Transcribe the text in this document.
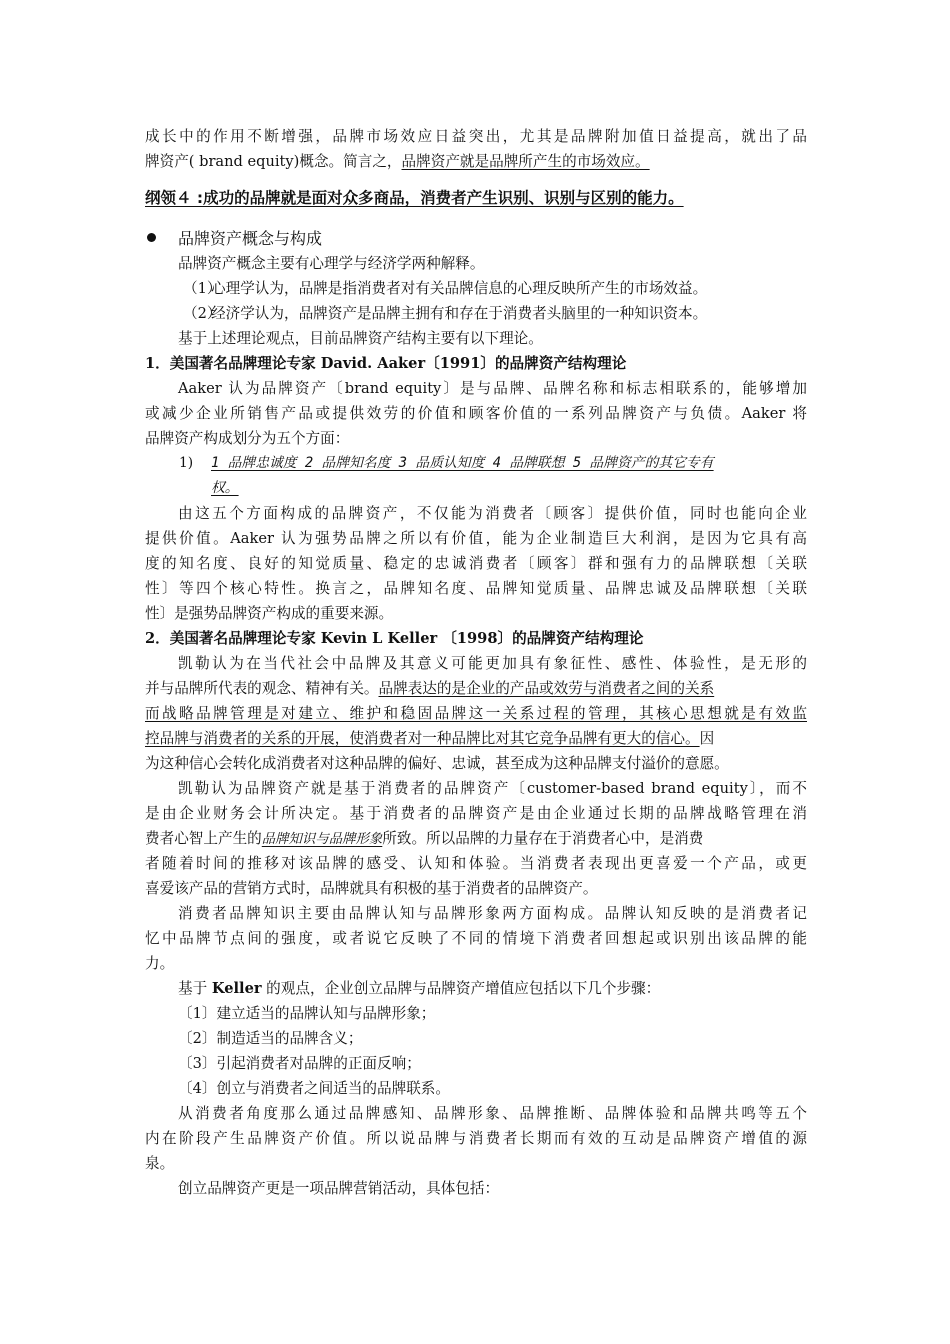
成长中的作用不断增强，品牌市场效应日益突出，尤其是品牌附加值日益提高，就出了品
牌资产( brand equity)概念。简言之，品牌资产就是品牌所产生的市场效应。
纲领４ :成功的品牌就是面对众多商品，消费者产生识别、识别与区别的能力。
品牌资产概念与构成
品牌资产概念主要有心理学与经济学两种解释。
（1）
心理学认为，品牌是指消费者对有关品牌信息的心理反映所产生的市场效益。
（2）
经济学认为，品牌资产是品牌主拥有和存在于消费者头脑里的一种知识资本。
基于上述理论观点，目前品牌资产结构主要有以下理论。
1．美国著名品牌理论专家 David. Aaker〔1991〕的品牌资产结构理论
Aaker 认为品牌资产〔brand equity〕是与品牌、品牌名称和标志相联系的，能够增加
或减少企业所销售产品或提供效劳的价值和顾客价值的一系列品牌资产与负债。Aaker 将
品牌资产构成划分为五个方面：
1)	1 品牌忠诚度 2 品牌知名度 3 品质认知度 4 品牌联想 5 品牌资产的其它专有
权。
由这五个方面构成的品牌资产，不仅能为消费者〔顾客〕提供价值，同时也能向企业
提供价值。Aaker 认为强势品牌之所以有价值，能为企业制造巨大利润，是因为它具有高
度的知名度、良好的知觉质量、稳定的忠诚消费者〔顾客〕群和强有力的品牌联想〔关联
性〕等四个核心特性。换言之，品牌知名度、品牌知觉质量、品牌忠诚及品牌联想〔关联
性〕是强势品牌资产构成的重要来源。
2．美国著名品牌理论专家 Kevin L Keller 〔1998〕的品牌资产结构理论
凯勒认为在当代社会中品牌及其意义可能更加具有象征性、感性、体验性，是无形的
并与品牌所代表的观念、精神有关。品牌表达的是企业的产品或效劳与消费者之间的关系
而战略品牌管理是对建立、维护和稳固品牌这一关系过程的管理，其核心思想就是有效监
控品牌与消费者的关系的开展，使消费者对一种品牌比对其它竞争品牌有更大的信心。因
为这种信心会转化成消费者对这种品牌的偏好、忠诚，甚至成为这种品牌支付溢价的意愿。
凯勒认为品牌资产就是基于消费者的品牌资产〔customer-based brand equity〕，而不
是由企业财务会计所决定。基于消费者的品牌资产是由企业通过长期的品牌战略管理在消
费者心智上产生的品牌知识与品牌形象所致。所以品牌的力量存在于消费者心中，是消费
者随着时间的推移对该品牌的感受、认知和体验。当消费者表现出更喜爱一个产品，或更
喜爱该产品的营销方式时，品牌就具有积极的基于消费者的品牌资产。
消费者品牌知识主要由品牌认知与品牌形象两方面构成。品牌认知反映的是消费者记
忆中品牌节点间的强度，或者说它反映了不同的情境下消费者回想起或识别出该品牌的能
力。
基于 Keller 的观点，企业创立品牌与品牌资产增值应包括以下几个步骤：
〔1〕建立适当的品牌认知与品牌形象；
〔2〕制造适当的品牌含义；
〔3〕引起消费者对品牌的正面反响；
〔4〕创立与消费者之间适当的品牌联系。
从消费者角度那么通过品牌感知、品牌形象、品牌推断、品牌体验和品牌共鸣等五个
内在阶段产生品牌资产价值。所以说品牌与消费者长期而有效的互动是品牌资产增值的源
泉。
创立品牌资产更是一项品牌营销活动，具体包括：
